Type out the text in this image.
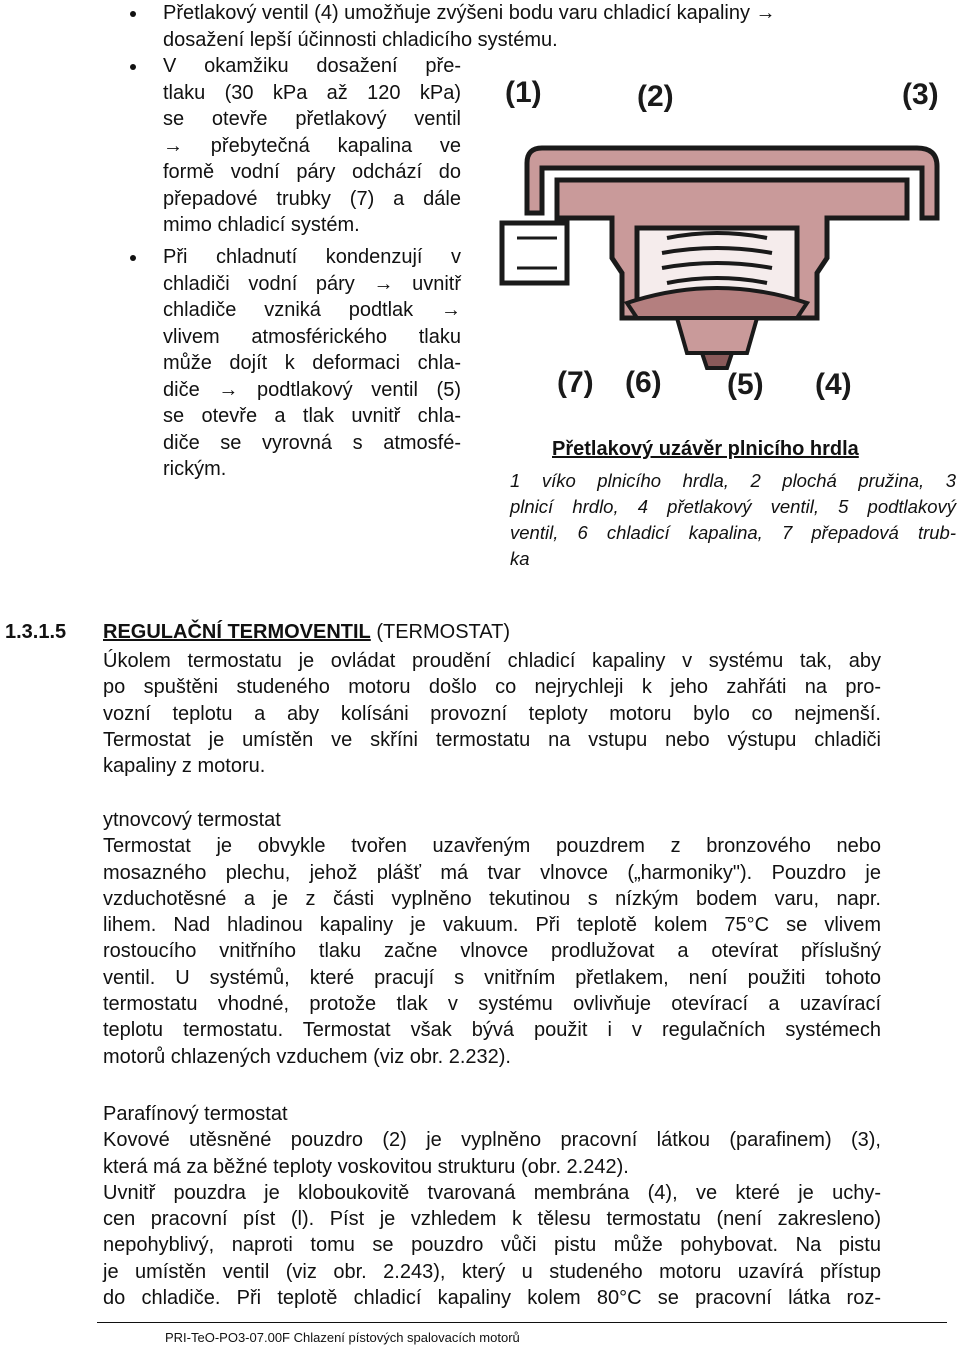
Přetlakový ventil (4) umožňuje zvýšeni bodu varu chladicí kapaliny →
dosažení lepší účinnosti chladicího systému.
V okamžiku dosažení pře-
tlaku (30 kPa až 120 kPa)
se otevře přetlakový ventil
→ přebytečná kapalina ve
formě vodní páry odchází do
přepadové trubky (7) a dále
mimo chladicí systém.
Při chladnutí kondenzují v
chladiči vodní páry → uvnitř
chladiče vzniká podtlak →
vlivem atmosférického tlaku
může dojít k deformaci chla-
diče → podtlakový ventil (5)
se otevře a tlak uvnitř chla-
diče se vyrovná s atmosfé-
rickým.
(1)	(2)	(3)
(7) (6) (5) (4)
Přetlakový uzávěr plnicího hrdla
1 víko plnicího hrdla, 2 plochá pružina, 3
plnicí hrdlo, 4 přetlakový ventil, 5 podtlakový
ventil, 6 chladicí kapalina, 7 přepadová trub-
ka
1.3.1.5 REGULAČNÍ TERMOVENTIL (TERMOSTAT)
Úkolem termostatu je ovládat proudění chladicí kapaliny v systému tak, aby
po spuštěni studeného motoru došlo co nejrychleji k jeho zahřáti na pro-
vozní teplotu a aby kolísáni provozní teploty motoru bylo co nejmenší.
Termostat je umístěn ve skříni termostatu na vstupu nebo výstupu chladiči
kapaliny z motoru.
ytnovcový termostat
Termostat je obvykle tvořen uzavřeným pouzdrem z bronzového nebo
mosazného plechu, jehož plášť má tvar vlnovce („harmoniky"). Pouzdro je
vzduchotěsné a je z části vyplněno tekutinou s nízkým bodem varu, napr.
lihem. Nad hladinou kapaliny je vakuum. Při teplotě kolem 75°C se vlivem
rostoucího vnitřního tlaku začne vlnovce prodlužovat a otevírat příslušný
ventil. U systémů, které pracují s vnitřním přetlakem, není použiti tohoto
termostatu vhodné, protože tlak v systému ovlivňuje otevírací a uzavírací
teplotu termostatu. Termostat však bývá použit i v regulačních systémech
motorů chlazených vzduchem (viz obr. 2.232).
Parafínový termostat
Kovové utěsněné pouzdro (2) je vyplněno pracovní látkou (parafinem) (3),
která má za běžné teploty voskovitou strukturu (obr. 2.242).
Uvnitř pouzdra je kloboukovitě tvarovaná membrána (4), ve které je uchy-
cen pracovní píst (l). Píst je vzhledem k tělesu termostatu (není zakresleno)
nepohyblivý, naproti tomu se pouzdro vůči pistu může pohybovat. Na pistu
je umístěn ventil (viz obr. 2.243), který u studeného motoru uzavírá přístup
do chladiče. Při teplotě chladicí kapaliny kolem 80°C se pracovní látka roz-
PRI-TeO-PO3-07.00F Chlazení pístových spalovacích motorů
